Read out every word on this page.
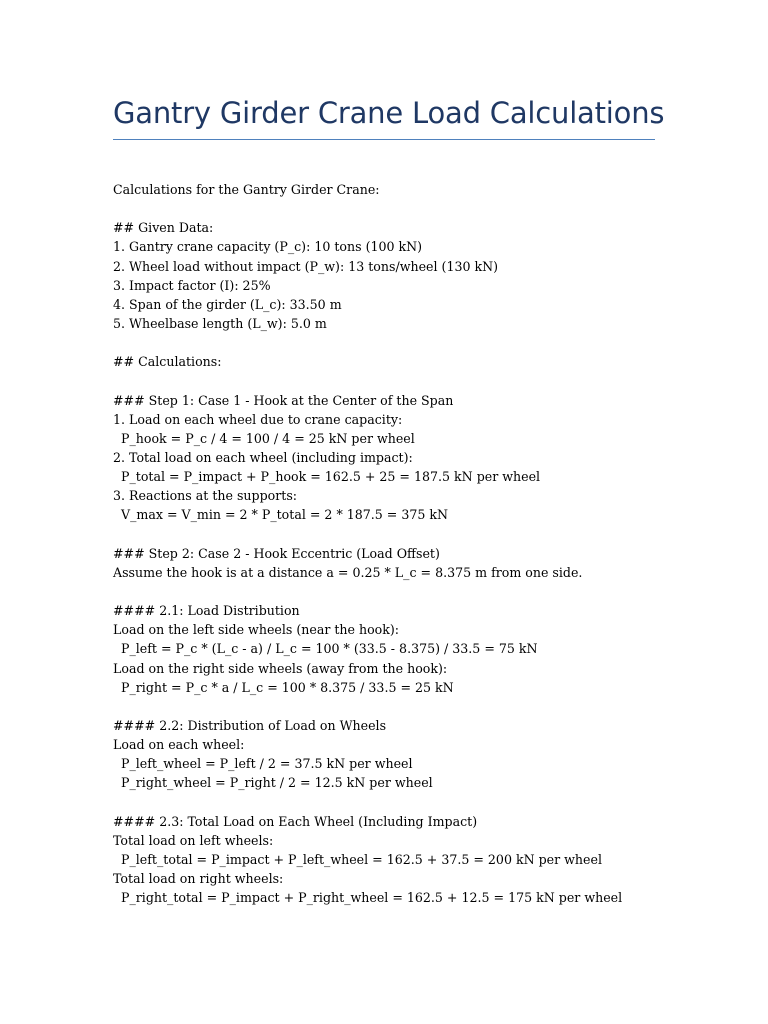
Gantry Girder Crane Load Calculations
Calculations for the Gantry Girder Crane:
## Given Data:
1. Gantry crane capacity (P_c): 10 tons (100 kN)
2. Wheel load without impact (P_w): 13 tons/wheel (130 kN)
3. Impact factor (I): 25%
4. Span of the girder (L_c): 33.50 m
5. Wheelbase length (L_w): 5.0 m
## Calculations:
### Step 1: Case 1 - Hook at the Center of the Span
1. Load on each wheel due to crane capacity:
P_hook = P_c / 4 = 100 / 4 = 25 kN per wheel
2. Total load on each wheel (including impact):
P_total = P_impact + P_hook = 162.5 + 25 = 187.5 kN per wheel
3. Reactions at the supports:
V_max = V_min = 2 * P_total = 2 * 187.5 = 375 kN
### Step 2: Case 2 - Hook Eccentric (Load Offset)
Assume the hook is at a distance a = 0.25 * L_c = 8.375 m from one side.
#### 2.1: Load Distribution
Load on the left side wheels (near the hook):
P_left = P_c * (L_c - a) / L_c = 100 * (33.5 - 8.375) / 33.5 = 75 kN
Load on the right side wheels (away from the hook):
P_right = P_c * a / L_c = 100 * 8.375 / 33.5 = 25 kN
#### 2.2: Distribution of Load on Wheels
Load on each wheel:
P_left_wheel = P_left / 2 = 37.5 kN per wheel
P_right_wheel = P_right / 2 = 12.5 kN per wheel
#### 2.3: Total Load on Each Wheel (Including Impact)
Total load on left wheels:
P_left_total = P_impact + P_left_wheel = 162.5 + 37.5 = 200 kN per wheel
Total load on right wheels:
P_right_total = P_impact + P_right_wheel = 162.5 + 12.5 = 175 kN per wheel
